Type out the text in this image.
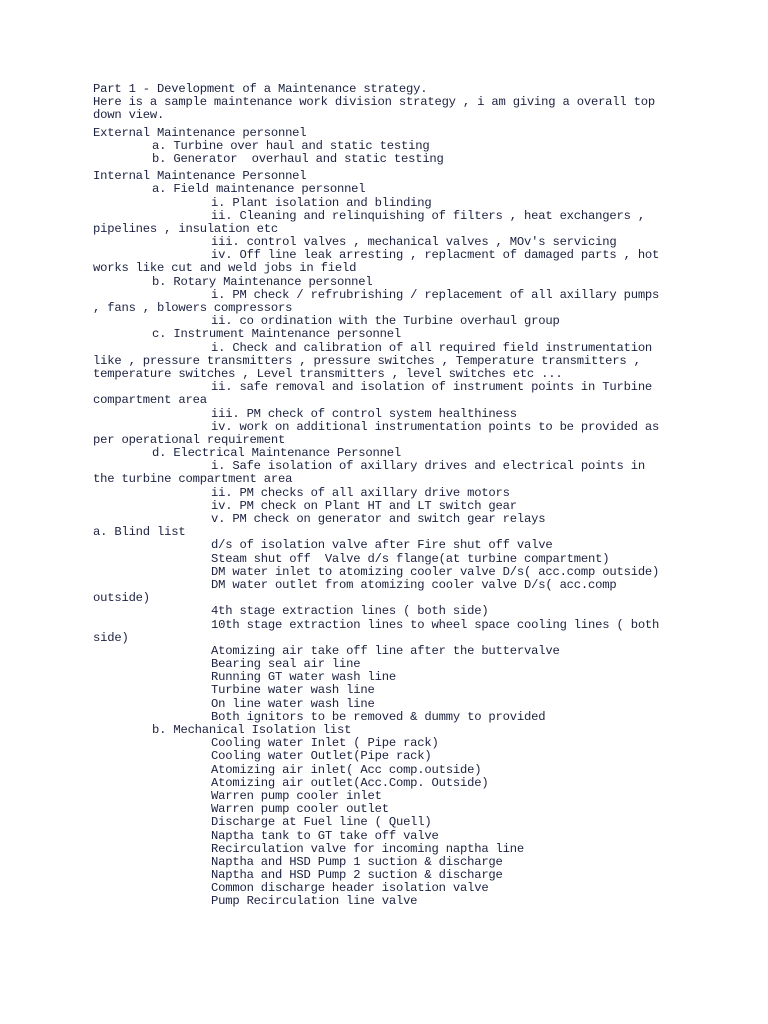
Part 1 - Development of a Maintenance strategy.
Here is a sample maintenance work division strategy , i am giving a overall top
down view.
External Maintenance personnel
a. Turbine over haul and static testing
b. Generator  overhaul and static testing
Internal Maintenance Personnel
a. Field maintenance personnel
i. Plant isolation and blinding
ii. Cleaning and relinquishing of filters , heat exchangers ,
pipelines , insulation etc
iii. control valves , mechanical valves , MOv's servicing
iv. Off line leak arresting , replacment of damaged parts , hot
works like cut and weld jobs in field
b. Rotary Maintenance personnel
i. PM check / refrubrishing / replacement of all axillary pumps
, fans , blowers compressors
ii. co ordination with the Turbine overhaul group
c. Instrument Maintenance personnel
i. Check and calibration of all required field instrumentation
like , pressure transmitters , pressure switches , Temperature transmitters ,
temperature switches , Level transmitters , level switches etc ...
ii. safe removal and isolation of instrument points in Turbine
compartment area
iii. PM check of control system healthiness
iv. work on additional instrumentation points to be provided as
per operational requirement
d. Electrical Maintenance Personnel
i. Safe isolation of axillary drives and electrical points in
the turbine compartment area
ii. PM checks of all axillary drive motors
iv. PM check on Plant HT and LT switch gear
v. PM check on generator and switch gear relays
a. Blind list
d/s of isolation valve after Fire shut off valve
Steam shut off  Valve d/s flange(at turbine compartment)
DM water inlet to atomizing cooler valve D/s( acc.comp outside)
DM water outlet from atomizing cooler valve D/s( acc.comp
outside)
4th stage extraction lines ( both side)
10th stage extraction lines to wheel space cooling lines ( both
side)
Atomizing air take off line after the buttervalve
Bearing seal air line
Running GT water wash line
Turbine water wash line
On line water wash line
Both ignitors to be removed & dummy to provided
b. Mechanical Isolation list
Cooling water Inlet ( Pipe rack)
Cooling water Outlet(Pipe rack)
Atomizing air inlet( Acc comp.outside)
Atomizing air outlet(Acc.Comp. Outside)
Warren pump cooler inlet
Warren pump cooler outlet
Discharge at Fuel line ( Quell)
Naptha tank to GT take off valve
Recirculation valve for incoming naptha line
Naptha and HSD Pump 1 suction & discharge
Naptha and HSD Pump 2 suction & discharge
Common discharge header isolation valve
Pump Recirculation line valve
